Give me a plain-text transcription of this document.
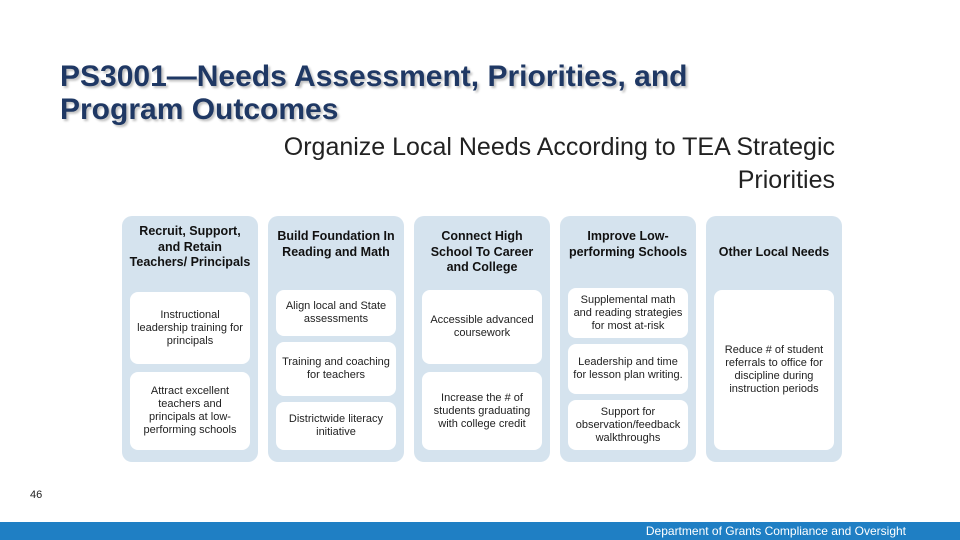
PS3001—Needs Assessment, Priorities, and
Program Outcomes
Organize Local Needs According to TEA Strategic
Priorities
Recruit, Support, and Retain Teachers/ Principals
Instructional leadership training for principals
Attract excellent teachers and principals at low-performing schools
Build Foundation In Reading and Math
Align local and State assessments
Training and coaching for teachers
Districtwide literacy initiative
Connect High School To Career and College
Accessible advanced coursework
Increase the # of students graduating with college credit
Improve Low-performing Schools
Supplemental math and reading strategies for most at-risk
Leadership and time for lesson plan writing.
Support for observation/feedback walkthroughs
Other Local Needs
Reduce # of student referrals to office for discipline during instruction periods
46
Department of Grants Compliance and Oversight
